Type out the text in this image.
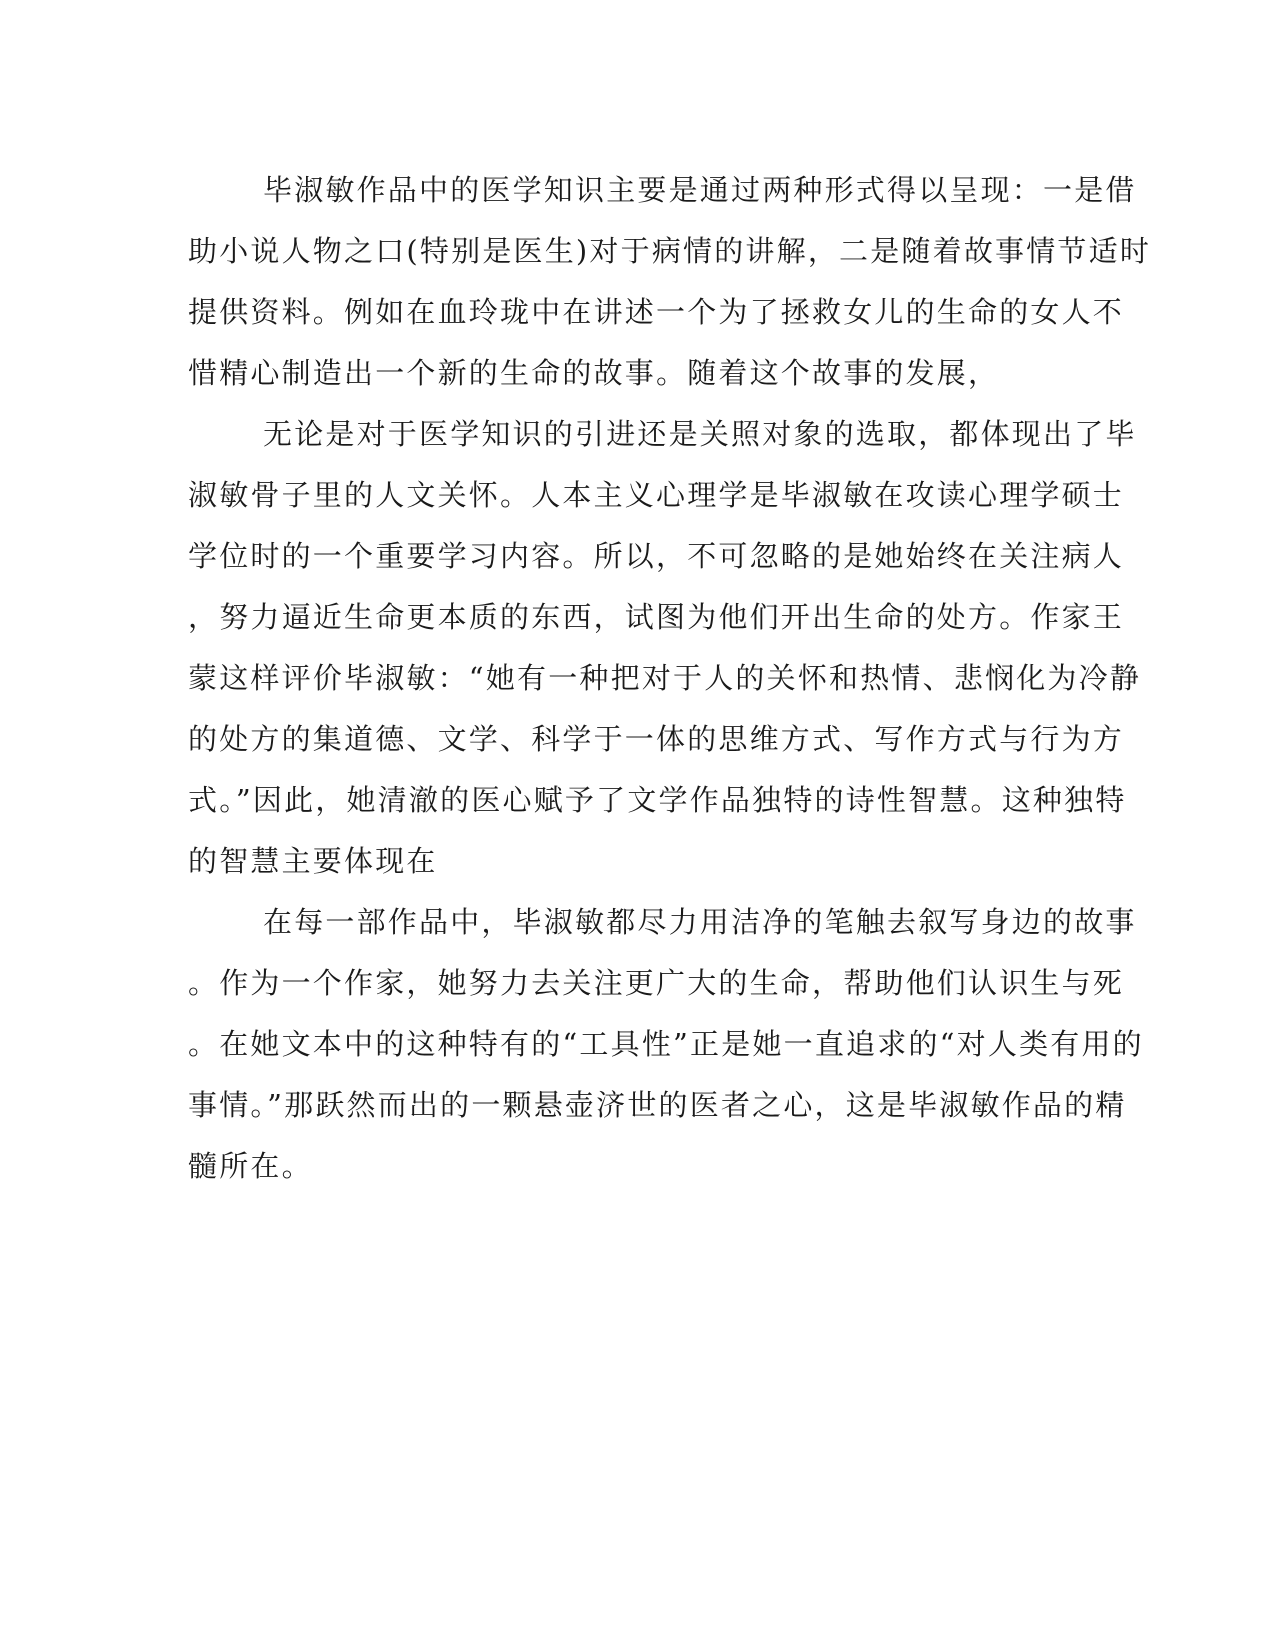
毕淑敏作品中的医学知识主要是通过两种形式得以呈现：一是借
助小说人物之口(特别是医生)对于病情的讲解，二是随着故事情节适时
提供资料。例如在血玲珑中在讲述一个为了拯救女儿的生命的女人不
惜精心制造出一个新的生命的故事。随着这个故事的发展，
无论是对于医学知识的引进还是关照对象的选取，都体现出了毕
淑敏骨子里的人文关怀。人本主义心理学是毕淑敏在攻读心理学硕士
学位时的一个重要学习内容。所以，不可忽略的是她始终在关注病人
，努力逼近生命更本质的东西，试图为他们开出生命的处方。作家王
蒙这样评价毕淑敏：“她有一种把对于人的关怀和热情、悲悯化为冷静
的处方的集道德、文学、科学于一体的思维方式、写作方式与行为方
式。”因此，她清澈的医心赋予了文学作品独特的诗性智慧。这种独特
的智慧主要体现在
在每一部作品中，毕淑敏都尽力用洁净的笔触去叙写身边的故事
。作为一个作家，她努力去关注更广大的生命，帮助他们认识生与死
。在她文本中的这种特有的“工具性”正是她一直追求的“对人类有用的
事情。”那跃然而出的一颗悬壶济世的医者之心，这是毕淑敏作品的精
髓所在。
